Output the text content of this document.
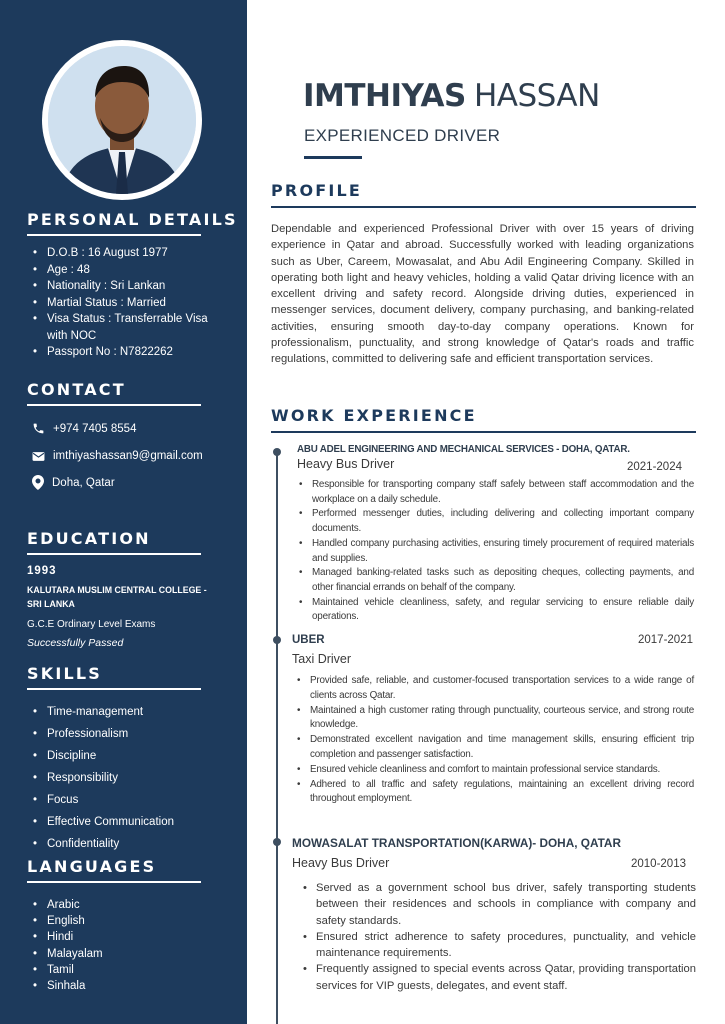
PERSONAL DETAILS
• D.O.B : 16 August 1977
• Age : 48
• Nationality : Sri Lankan
• Martial Status : Married
• Visa Status : Transferrable Visa with NOC
• Passport No : N7822262
CONTACT
+974 7405 8554
imthiyashassan9@gmail.com
Doha, Qatar
EDUCATION
1993
KALUTARA MUSLIM CENTRAL COLLEGE - SRI LANKA
G.C.E Ordinary Level Exams
Successfully Passed
SKILLS
• Time-management
• Professionalism
• Discipline
• Responsibility
• Focus
• Effective Communication
• Confidentiality
LANGUAGES
• Arabic
• English
• Hindi
• Malayalam
• Tamil
• Sinhala
IMTHIYAS HASSAN
EXPERIENCED DRIVER
PROFILE
Dependable and experienced Professional Driver with over 15 years of driving experience in Qatar and abroad. Successfully worked with leading organizations such as Uber, Careem, Mowasalat, and Abu Adil Engineering Company. Skilled in operating both light and heavy vehicles, holding a valid Qatar driving licence with an excellent driving and safety record. Alongside driving duties, experienced in messenger services, document delivery, company purchasing, and banking-related activities, ensuring smooth day-to-day company operations. Known for professionalism, punctuality, and strong knowledge of Qatar's roads and traffic regulations, committed to delivering safe and efficient transportation services.
WORK EXPERIENCE
ABU ADEL ENGINEERING AND MECHANICAL SERVICES - DOHA, QATAR.
Heavy Bus Driver	2021-2024
• Responsible for transporting company staff safely between staff accommodation and the workplace on a daily schedule.
• Performed messenger duties, including delivering and collecting important company documents.
• Handled company purchasing activities, ensuring timely procurement of required materials and supplies.
• Managed banking-related tasks such as depositing cheques, collecting payments, and other financial errands on behalf of the company.
• Maintained vehicle cleanliness, safety, and regular servicing to ensure reliable daily operations.
UBER
Taxi Driver
2017-2021
• Provided safe, reliable, and customer-focused transportation services to a wide range of clients across Qatar.
• Maintained a high customer rating through punctuality, courteous service, and strong route knowledge.
• Demonstrated excellent navigation and time management skills, ensuring efficient trip completion and passenger satisfaction.
• Ensured vehicle cleanliness and comfort to maintain professional service standards.
• Adhered to all traffic and safety regulations, maintaining an excellent driving record throughout employment.
MOWASALAT TRANSPORTATION(KARWA)- DOHA, QATAR
Heavy Bus Driver	2010-2013
• Served as a government school bus driver, safely transporting students between their residences and schools in compliance with company and safety standards.
• Ensured strict adherence to safety procedures, punctuality, and vehicle maintenance requirements.
• Frequently assigned to special events across Qatar, providing transportation services for VIP guests, delegates, and event staff.
